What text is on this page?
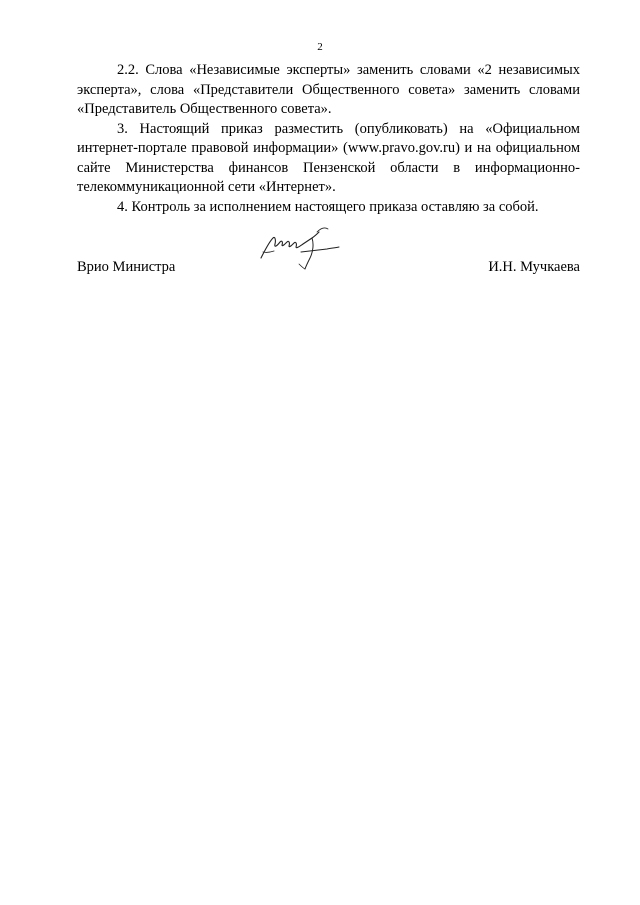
2

2.2. Слова «Независимые эксперты» заменить словами «2 независимых эксперта», слова «Представители Общественного совета» заменить словами «Представитель Общественного совета».

3. Настоящий приказ разместить (опубликовать) на «Официальном интернет-портале правовой информации» (www.pravo.gov.ru) и на официальном сайте Министерства финансов Пензенской области в информационно-телекоммуникационной сети «Интернет».

4. Контроль за исполнением настоящего приказа оставляю за собой.

Врио Министра	И.Н. Мучкаева
